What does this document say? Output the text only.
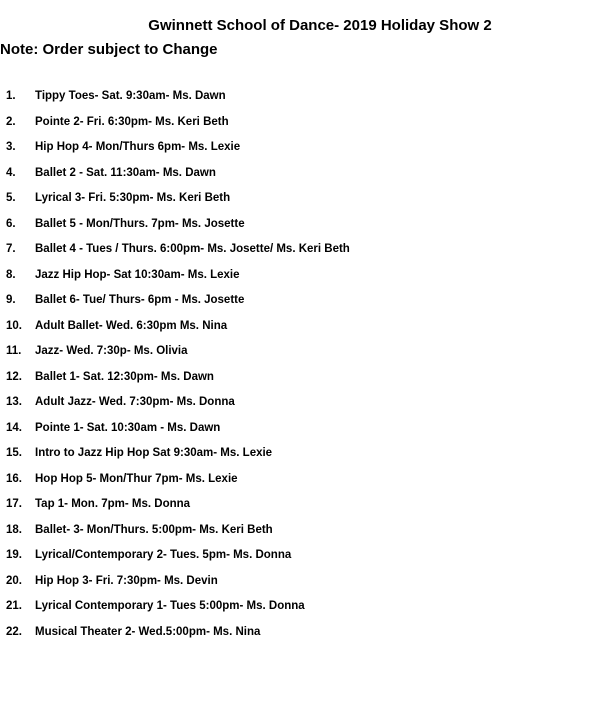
Gwinnett School of Dance- 2019 Holiday Show 2
Note: Order subject to Change
1. Tippy Toes- Sat. 9:30am- Ms. Dawn
2. Pointe 2- Fri. 6:30pm- Ms. Keri Beth
3. Hip Hop 4- Mon/Thurs 6pm- Ms. Lexie
4. Ballet 2 - Sat. 11:30am- Ms. Dawn
5. Lyrical 3- Fri. 5:30pm- Ms. Keri Beth
6. Ballet 5 - Mon/Thurs. 7pm- Ms. Josette
7. Ballet 4 - Tues / Thurs. 6:00pm- Ms. Josette/ Ms. Keri Beth
8. Jazz Hip Hop- Sat 10:30am- Ms. Lexie
9. Ballet 6- Tue/ Thurs- 6pm - Ms. Josette
10. Adult Ballet- Wed. 6:30pm Ms. Nina
11. Jazz- Wed. 7:30p- Ms. Olivia
12. Ballet 1- Sat. 12:30pm- Ms. Dawn
13. Adult Jazz- Wed. 7:30pm- Ms. Donna
14. Pointe 1- Sat. 10:30am - Ms. Dawn
15. Intro to Jazz Hip Hop Sat 9:30am- Ms. Lexie
16. Hop Hop 5- Mon/Thur 7pm- Ms. Lexie
17. Tap 1- Mon. 7pm- Ms. Donna
18. Ballet- 3- Mon/Thurs. 5:00pm- Ms. Keri Beth
19. Lyrical/Contemporary 2- Tues. 5pm- Ms. Donna
20. Hip Hop 3- Fri. 7:30pm- Ms. Devin
21. Lyrical Contemporary 1- Tues 5:00pm- Ms. Donna
22. Musical Theater 2- Wed.5:00pm- Ms. Nina
